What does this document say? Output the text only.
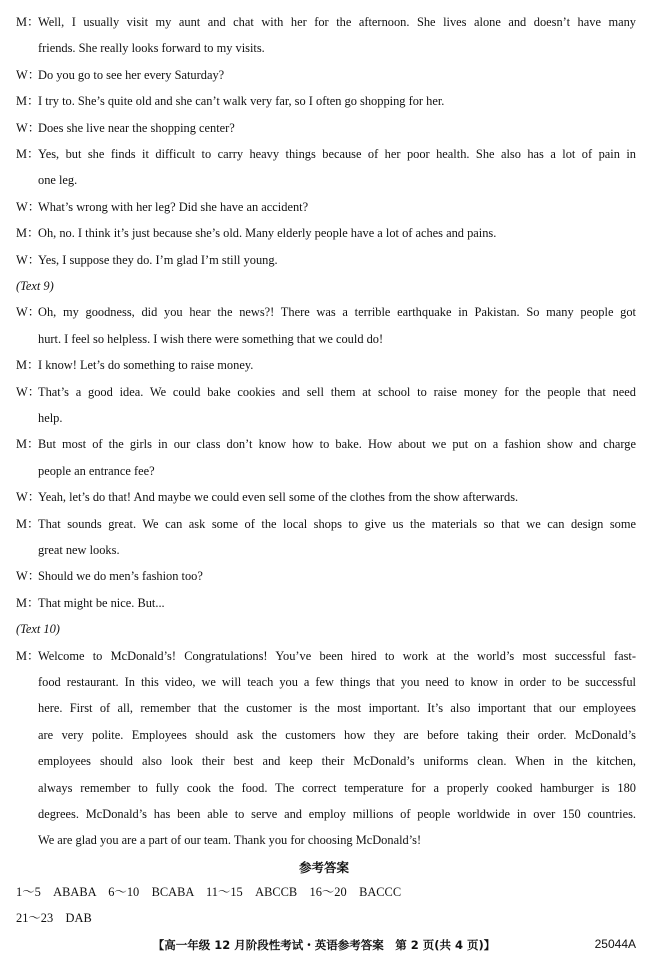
M：Well, I usually visit my aunt and chat with her for the afternoon. She lives alone and doesn’t have many
friends. She really looks forward to my visits.
W：Do you go to see her every Saturday?
M：I try to. She’s quite old and she can’t walk very far, so I often go shopping for her.
W：Does she live near the shopping center?
M：Yes, but she finds it difficult to carry heavy things because of her poor health. She also has a lot of pain in
one leg.
W：What’s wrong with her leg? Did she have an accident?
M：Oh, no. I think it’s just because she’s old. Many elderly people have a lot of aches and pains.
W：Yes, I suppose they do. I’m glad I’m still young.
(Text 9)
W：Oh, my goodness, did you hear the news?! There was a terrible earthquake in Pakistan. So many people got
hurt. I feel so helpless. I wish there were something that we could do!
M：I know! Let’s do something to raise money.
W：That’s a good idea. We could bake cookies and sell them at school to raise money for the people that need
help.
M：But most of the girls in our class don’t know how to bake. How about we put on a fashion show and charge
people an entrance fee?
W：Yeah, let’s do that! And maybe we could even sell some of the clothes from the show afterwards.
M：That sounds great. We can ask some of the local shops to give us the materials so that we can design some
great new looks.
W：Should we do men’s fashion too?
M：That might be nice. But...
(Text 10)
M：Welcome to McDonald’s! Congratulations! You’ve been hired to work at the world’s most successful fast-
food restaurant. In this video, we will teach you a few things that you need to know in order to be successful
here. First of all, remember that the customer is the most important. It’s also important that our employees
are very polite. Employees should ask the customers how they are before taking their order. McDonald’s
employees should also look their best and keep their McDonald’s uniforms clean. When in the kitchen,
always remember to fully cook the food. The correct temperature for a properly cooked hamburger is 180
degrees. McDonald’s has been able to serve and employ millions of people worldwide in over 150 countries.
We are glad you are a part of our team. Thank you for choosing McDonald’s!
参考答案
1～5　ABABA　6～10　BCABA　11～15　ABCCB　16～20　BACCC
21～23　DAB
【高一年级 12 月阶段性考试・英语参考答案　第 2 页(共 4 页)】	25044A
